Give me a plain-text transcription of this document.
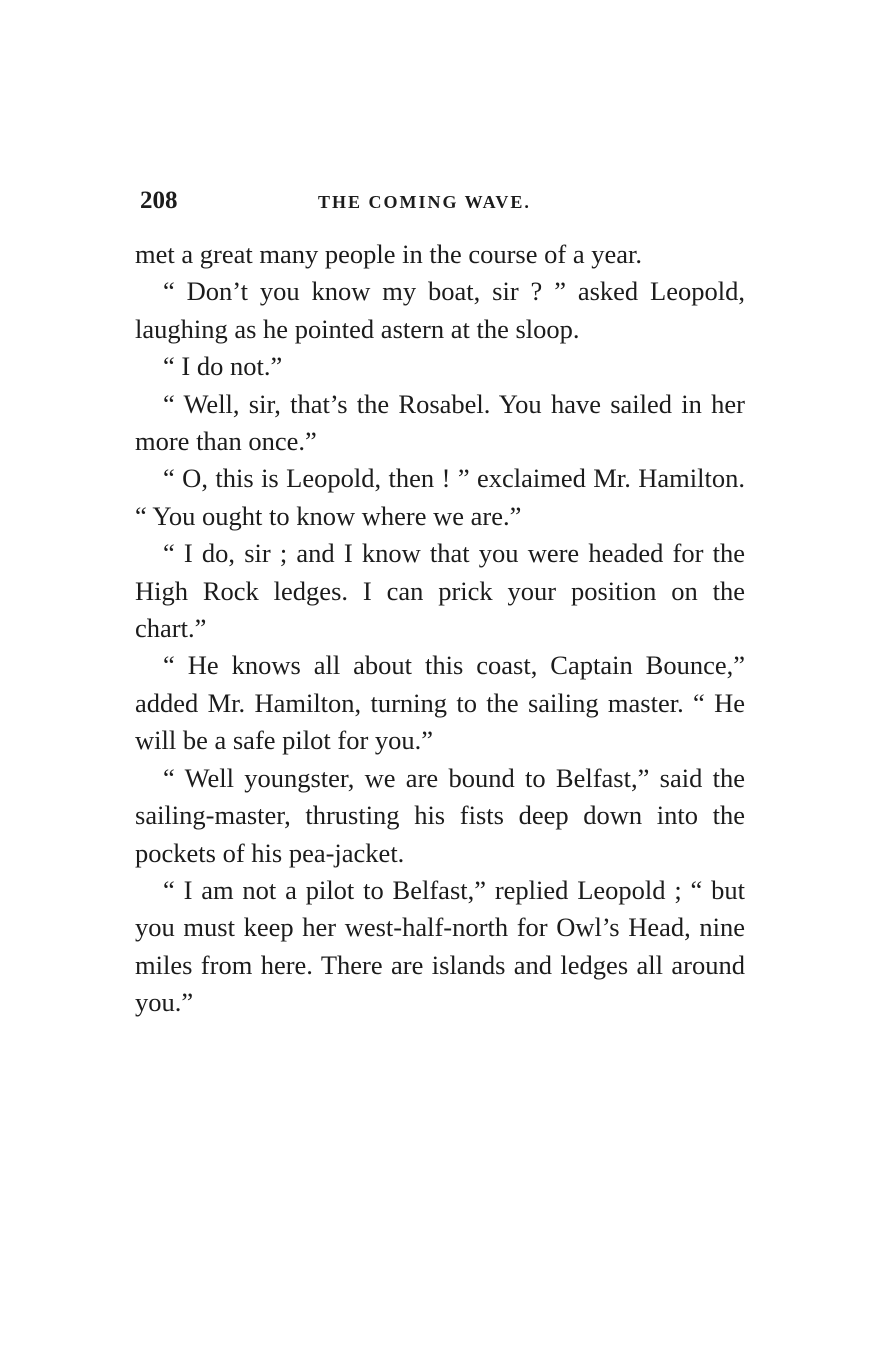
208	THE COMING WAVE.

met a great many people in the course of a year.

“ Don’t you know my boat, sir ? ” asked Leopold, laughing as he pointed astern at the sloop.

“ I do not.”

“ Well, sir, that’s the Rosabel. You have sailed in her more than once.”

“ O, this is Leopold, then ! ” exclaimed Mr. Hamilton. “ You ought to know where we are.”

“ I do, sir ; and I know that you were headed for the High Rock ledges. I can prick your position on the chart.”

“ He knows all about this coast, Captain Bounce,” added Mr. Hamilton, turning to the sailing master. “ He will be a safe pilot for you.”

“ Well youngster, we are bound to Belfast,” said the sailing-master, thrusting his fists deep down into the pockets of his pea-jacket.

“ I am not a pilot to Belfast,” replied Leopold ; “ but you must keep her west-half-north for Owl’s Head, nine miles from here. There are islands and ledges all around you.”
